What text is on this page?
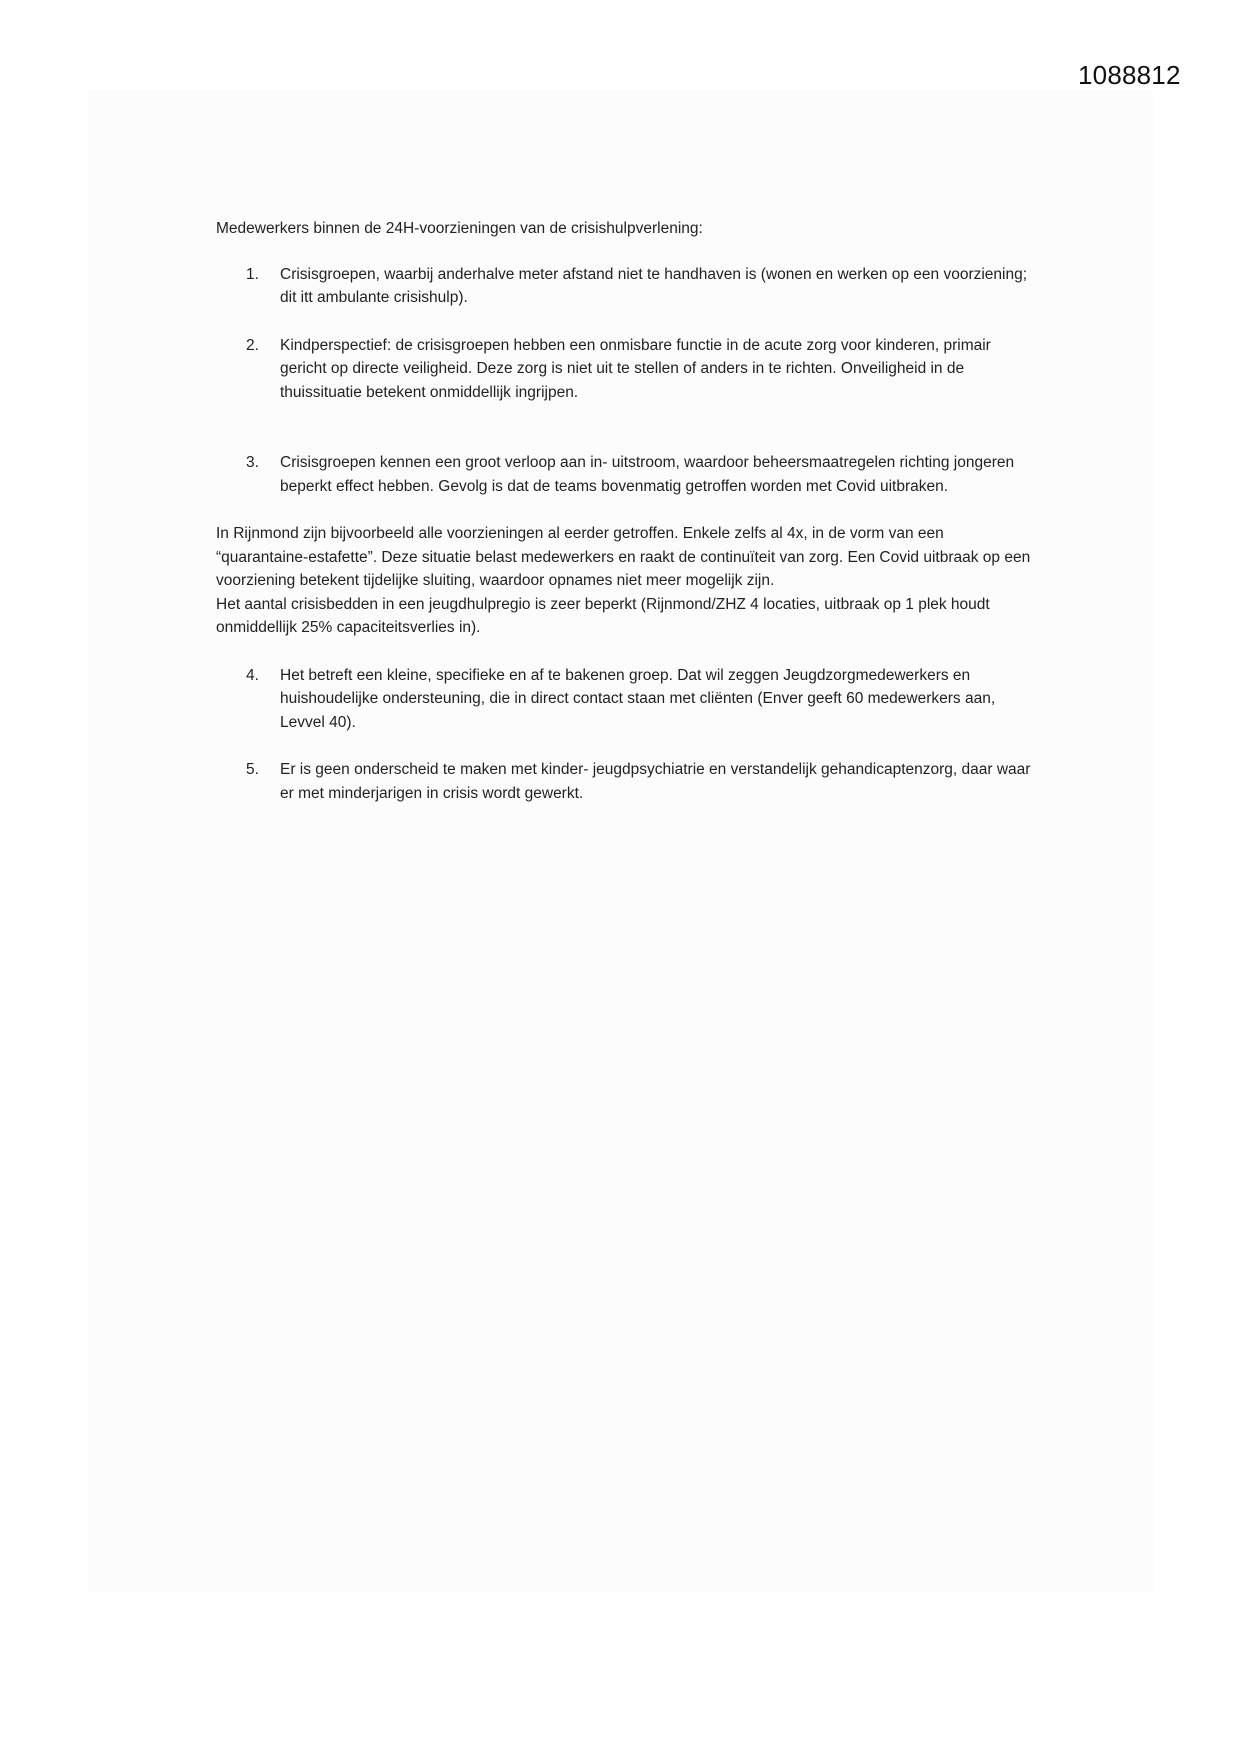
1088812

Medewerkers binnen de 24H-voorzieningen van de crisishulpverlening:

1. Crisisgroepen, waarbij anderhalve meter afstand niet te handhaven is (wonen en werken op een voorziening; dit itt ambulante crisishulp).
2. Kindperspectief: de crisisgroepen hebben een onmisbare functie in de acute zorg voor kinderen, primair gericht op directe veiligheid. Deze zorg is niet uit te stellen of anders in te richten. Onveiligheid in de thuissituatie betekent onmiddellijk ingrijpen.
3. Crisisgroepen kennen een groot verloop aan in- uitstroom, waardoor beheersmaatregelen richting jongeren beperkt effect hebben. Gevolg is dat de teams bovenmatig getroffen worden met Covid uitbraken.

In Rijnmond zijn bijvoorbeeld alle voorzieningen al eerder getroffen. Enkele zelfs al 4x, in de vorm van een “quarantaine-estafette”. Deze situatie belast medewerkers en raakt de continuïteit van zorg. Een Covid uitbraak op een voorziening betekent tijdelijke sluiting, waardoor opnames niet meer mogelijk zijn.

Het aantal crisisbedden in een jeugdhulpregio is zeer beperkt (Rijnmond/ZHZ 4 locaties, uitbraak op 1 plek houdt onmiddellijk 25% capaciteitsverlies in).

4. Het betreft een kleine, specifieke en af te bakenen groep. Dat wil zeggen Jeugdzorgmedewerkers en huishoudelijke ondersteuning, die in direct contact staan met cliënten (Enver geeft 60 medewerkers aan, Levvel 40).
5. Er is geen onderscheid te maken met kinder- jeugdpsychiatrie en verstandelijk gehandicaptenzorg, daar waar er met minderjarigen in crisis wordt gewerkt.
